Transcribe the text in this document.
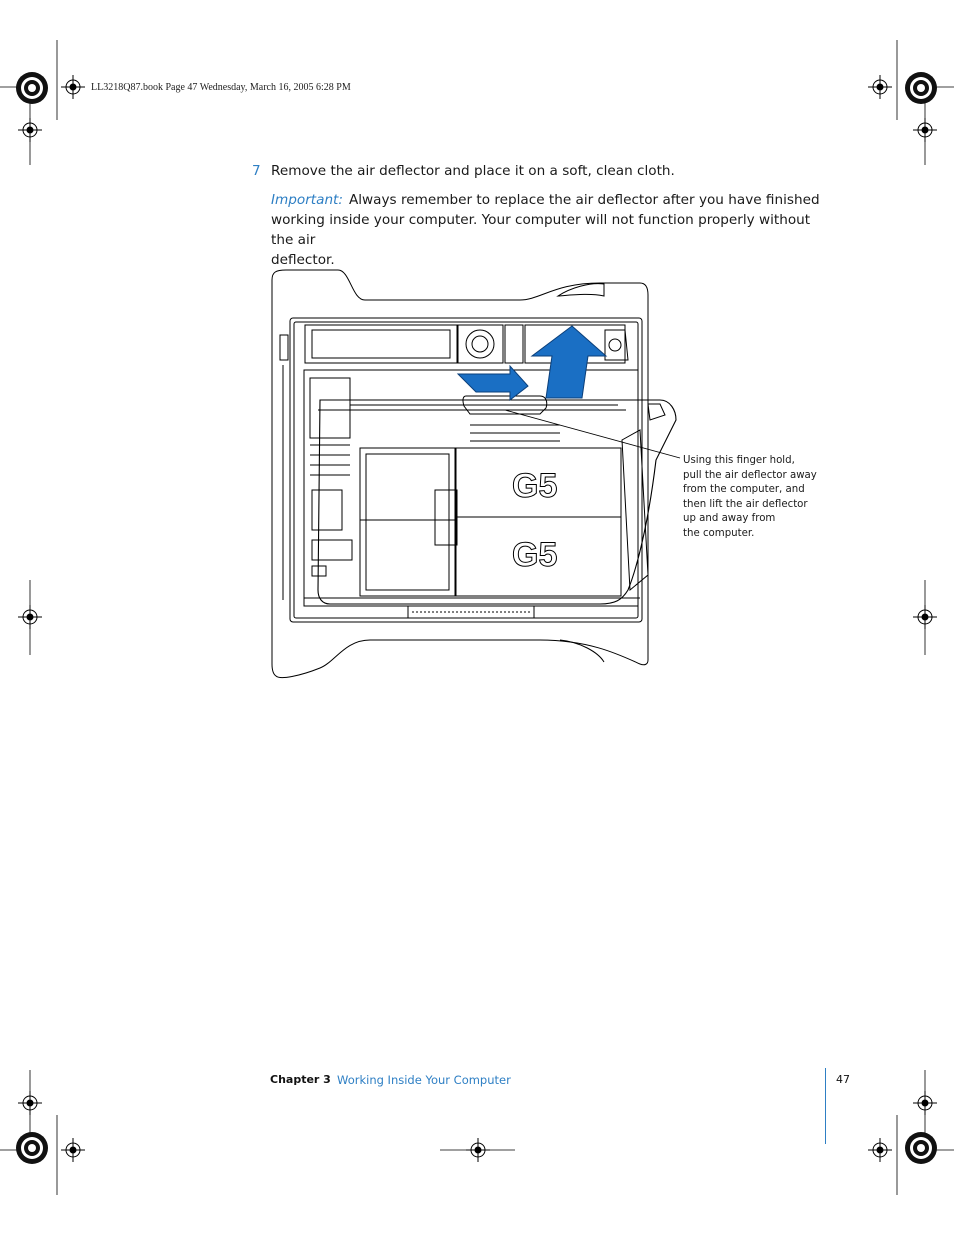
LL3218Q87.book Page 47 Wednesday, March 16, 2005 6:28 PM
7 Remove the air deflector and place it on a soft, clean cloth.
Important: Always remember to replace the air deflector after you have finished
working inside your computer. Your computer will not function properly without the air
deflector.
G5
G5
Using this finger hold,
pull the air deflector away
from the computer, and
then lift the air deflector
up and away from
the computer.
Chapter 3 Working Inside Your Computer	47
